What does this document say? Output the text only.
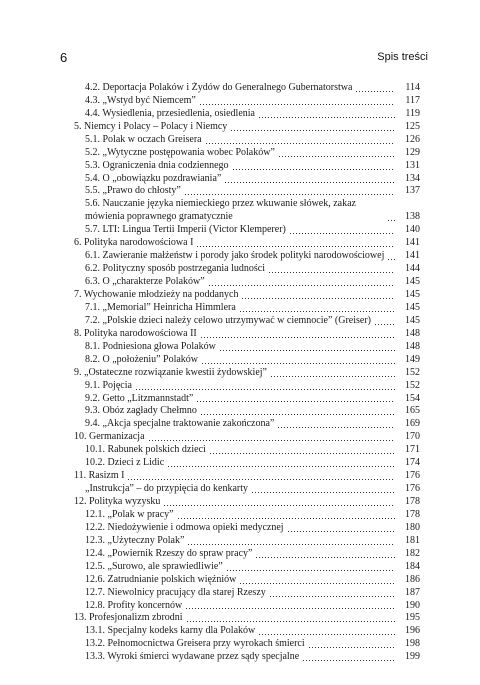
6	Spis treści
4.2. Deportacja Polaków i Żydów do Generalnego Gubernatorstwa	114
4.3. „Wstyd być Niemcem”	117
4.4. Wysiedlenia, przesiedlenia, osiedlenia	119
5. Niemcy i Polacy – Polacy i Niemcy	125
5.1. Polak w oczach Greisera	126
5.2. „Wytyczne postępowania wobec Polaków”	129
5.3. Ograniczenia dnia codziennego	131
5.4. O „obowiązku pozdrawiania”	134
5.5. „Prawo do chłosty”	137
5.6. Nauczanie języka niemieckiego przez wkuwanie słówek, zakaz mówienia poprawnego gramatycznie	138
5.7. LTI: Lingua Tertii Imperii (Victor Klemperer)	140
6. Polityka narodowościowa I	141
6.1. Zawieranie małżeństw i porody jako środek polityki narodowościowej	141
6.2. Polityczny sposób postrzegania ludności	144
6.3. O „charakterze Polaków”	145
7. Wychowanie młodzieży na poddanych	145
7.1. „Memorial” Heinricha Himmlera	145
7.2. „Polskie dzieci należy celowo utrzymywać w ciemnocie” (Greiser)	145
8. Polityka narodowościowa II	148
8.1. Podniesiona głowa Polaków	148
8.2. O „położeniu” Polaków	149
9. „Ostateczne rozwiązanie kwestii żydowskiej”	152
9.1. Pojęcia	152
9.2. Getto „Litzmannstadt”	154
9.3. Obóz zagłady Chełmno	165
9.4. „Akcja specjalne traktowanie zakończona”	169
10. Germanizacja	170
10.1. Rabunek polskich dzieci	171
10.2. Dzieci z Lidic	174
11. Rasizm I	176
„Instrukcja” – do przypięcia do kenkarty	176
12. Polityka wyzysku	178
12.1. „Polak w pracy”	178
12.2. Niedożywienie i odmowa opieki medycznej	180
12.3. „Użyteczny Polak”	181
12.4. „Powiernik Rzeszy do spraw pracy”	182
12.5. „Surowo, ale sprawiedliwie”	184
12.6. Zatrudnianie polskich więźniów	186
12.7. Niewolnicy pracujący dla starej Rzeszy	187
12.8. Profity koncernów	190
13. Profesjonalizm zbrodni	195
13.1. Specjalny kodeks karny dla Polaków	196
13.2. Pełnomocnictwa Greisera przy wyrokach śmierci	198
13.3. Wyroki śmierci wydawane przez sądy specjalne	199
